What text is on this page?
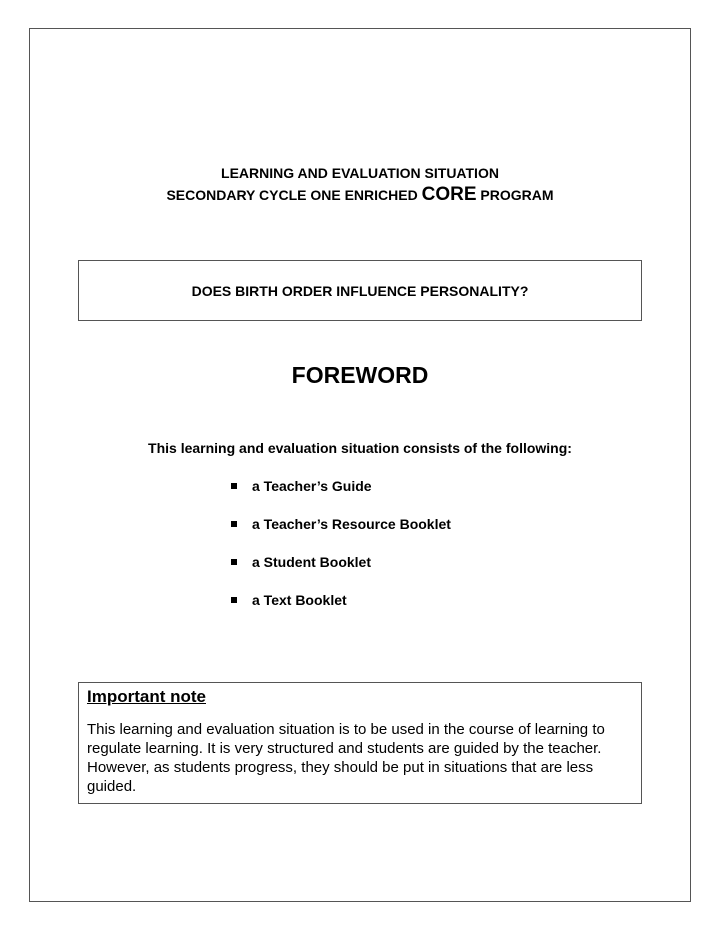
LEARNING AND EVALUATION SITUATION
SECONDARY CYCLE ONE ENRICHED CORE PROGRAM
DOES BIRTH ORDER INFLUENCE PERSONALITY?
FOREWORD
This learning and evaluation situation consists of the following:
a Teacher’s Guide
a Teacher’s Resource Booklet
a Student Booklet
a Text Booklet

Important note

This learning and evaluation situation is to be used in the course of learning to regulate learning. It is very structured and students are guided by the teacher. However, as students progress, they should be put in situations that are less guided.
